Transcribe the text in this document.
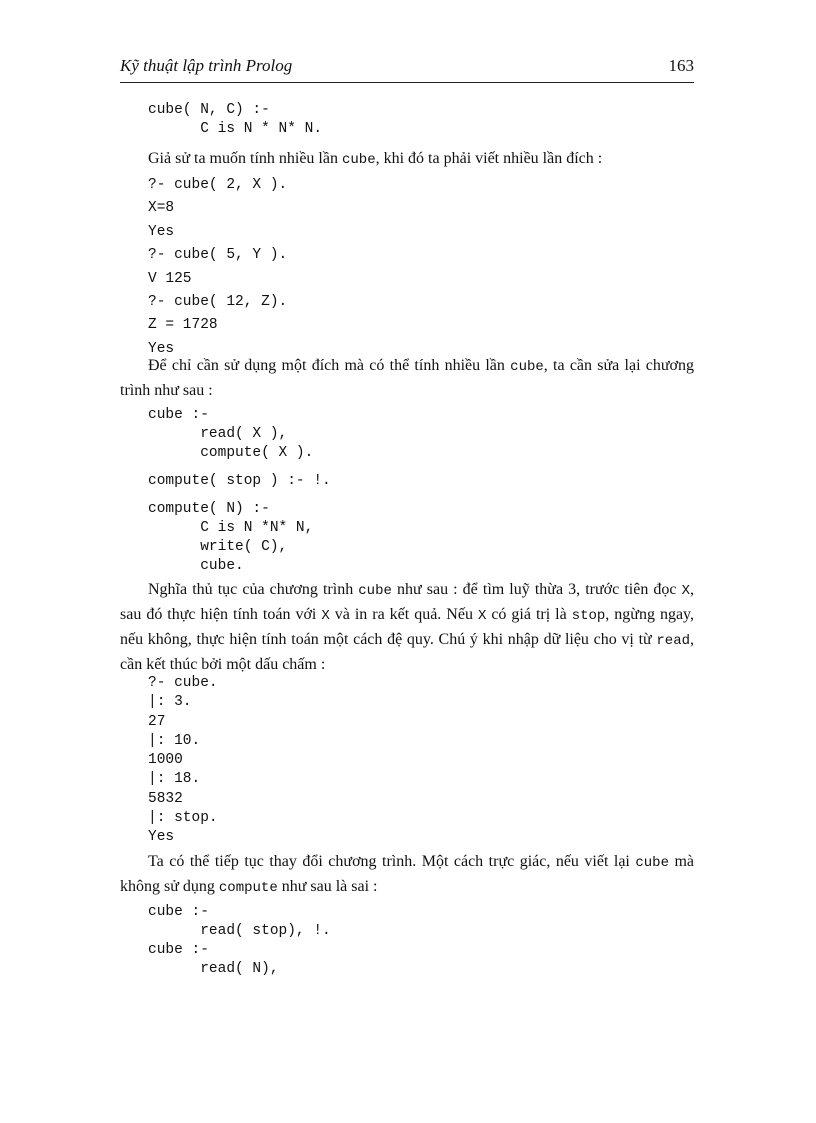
Kỹ thuật lập trình Prolog	163
cube( N, C) :-
C is N * N* N.

Giả sử ta muốn tính nhiều lần cube, khi đó ta phải viết nhiều lần đích :

?- cube( 2, X ).
X=8
Yes
?- cube( 5, Y ).
V 125
?- cube( 12, Z).
Z = 1728
Yes

Để chỉ cần sử dụng một đích mà có thể tính nhiều lần cube, ta cần sửa lại chương trình như sau :

cube :-
read( X ),
compute( X ).
compute( stop ) :- !.
compute( N) :-
C is N *N* N,
write( C),
cube.

Nghĩa thủ tục của chương trình cube như sau : để tìm luỹ thừa 3, trước tiên đọc X, sau đó thực hiện tính toán với X và in ra kết quả. Nếu X có giá trị là stop, ngừng ngay, nếu không, thực hiện tính toán một cách đệ quy. Chú ý khi nhập dữ liệu cho vị từ read, cần kết thúc bởi một dấu chấm :

?- cube.
|: 3.
27
|: 10.
1000
|: 18.
5832
|: stop.
Yes

Ta có thể tiếp tục thay đổi chương trình. Một cách trực giác, nếu viết lại cube mà không sử dụng compute như sau là sai :

cube :-
read( stop), !.
cube :-
read( N),
